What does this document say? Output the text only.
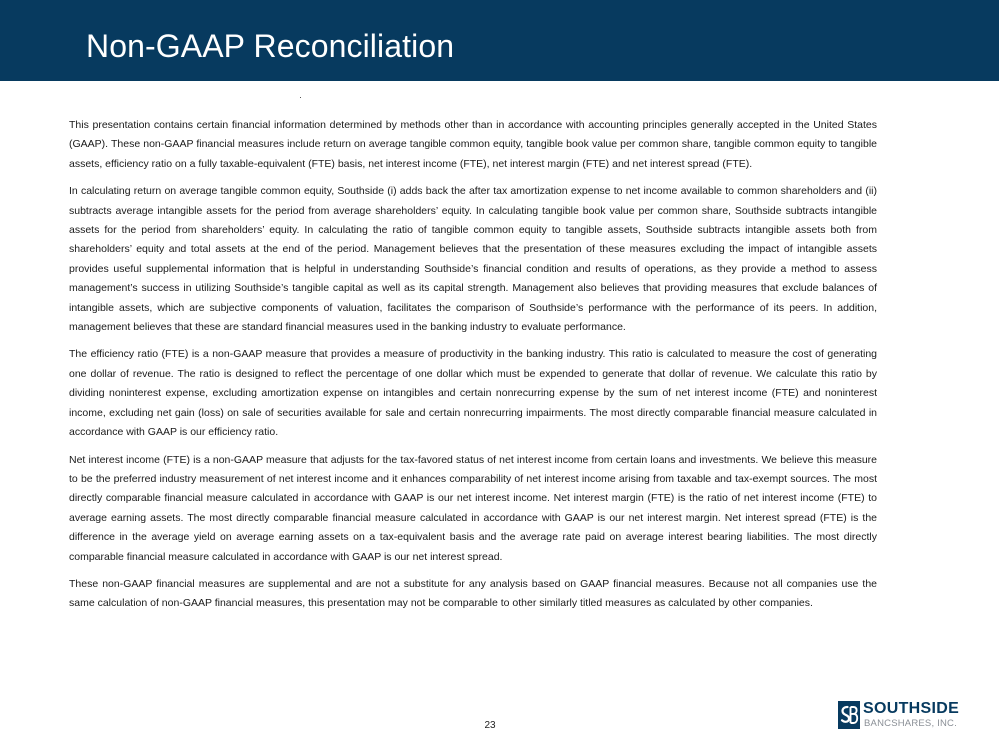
Non-GAAP Reconciliation

This presentation contains certain financial information determined by methods other than in accordance with accounting principles generally accepted in the United States (GAAP). These non-GAAP financial measures include return on average tangible common equity, tangible book value per common share, tangible common equity to tangible assets, efficiency ratio on a fully taxable-equivalent (FTE) basis, net interest income (FTE), net interest margin (FTE) and net interest spread (FTE).

In calculating return on average tangible common equity, Southside (i) adds back the after tax amortization expense to net income available to common shareholders and (ii) subtracts average intangible assets for the period from average shareholders’ equity. In calculating tangible book value per common share, Southside subtracts intangible assets for the period from shareholders’ equity. In calculating the ratio of tangible common equity to tangible assets, Southside subtracts intangible assets both from shareholders’ equity and total assets at the end of the period. Management believes that the presentation of these measures excluding the impact of intangible assets provides useful supplemental information that is helpful in understanding Southside’s financial condition and results of operations, as they provide a method to assess management’s success in utilizing Southside’s tangible capital as well as its capital strength. Management also believes that providing measures that exclude balances of intangible assets, which are subjective components of valuation, facilitates the comparison of Southside’s performance with the performance of its peers. In addition, management believes that these are standard financial measures used in the banking industry to evaluate performance.

The efficiency ratio (FTE) is a non-GAAP measure that provides a measure of productivity in the banking industry. This ratio is calculated to measure the cost of generating one dollar of revenue. The ratio is designed to reflect the percentage of one dollar which must be expended to generate that dollar of revenue. We calculate this ratio by dividing noninterest expense, excluding amortization expense on intangibles and certain nonrecurring expense by the sum of net interest income (FTE) and noninterest income, excluding net gain (loss) on sale of securities available for sale and certain nonrecurring impairments. The most directly comparable financial measure calculated in accordance with GAAP is our efficiency ratio.

Net interest income (FTE) is a non-GAAP measure that adjusts for the tax-favored status of net interest income from certain loans and investments. We believe this measure to be the preferred industry measurement of net interest income and it enhances comparability of net interest income arising from taxable and tax-exempt sources. The most directly comparable financial measure calculated in accordance with GAAP is our net interest income. Net interest margin (FTE) is the ratio of net interest income (FTE) to average earning assets. The most directly comparable financial measure calculated in accordance with GAAP is our net interest margin. Net interest spread (FTE) is the difference in the average yield on average earning assets on a tax-equivalent basis and the average rate paid on average interest bearing liabilities. The most directly comparable financial measure calculated in accordance with GAAP is our net interest spread.

These non-GAAP financial measures are supplemental and are not a substitute for any analysis based on GAAP financial measures. Because not all companies use the same calculation of non-GAAP financial measures, this presentation may not be comparable to other similarly titled measures as calculated by other companies.

23
SOUTHSIDE
BANCSHARES, INC.
